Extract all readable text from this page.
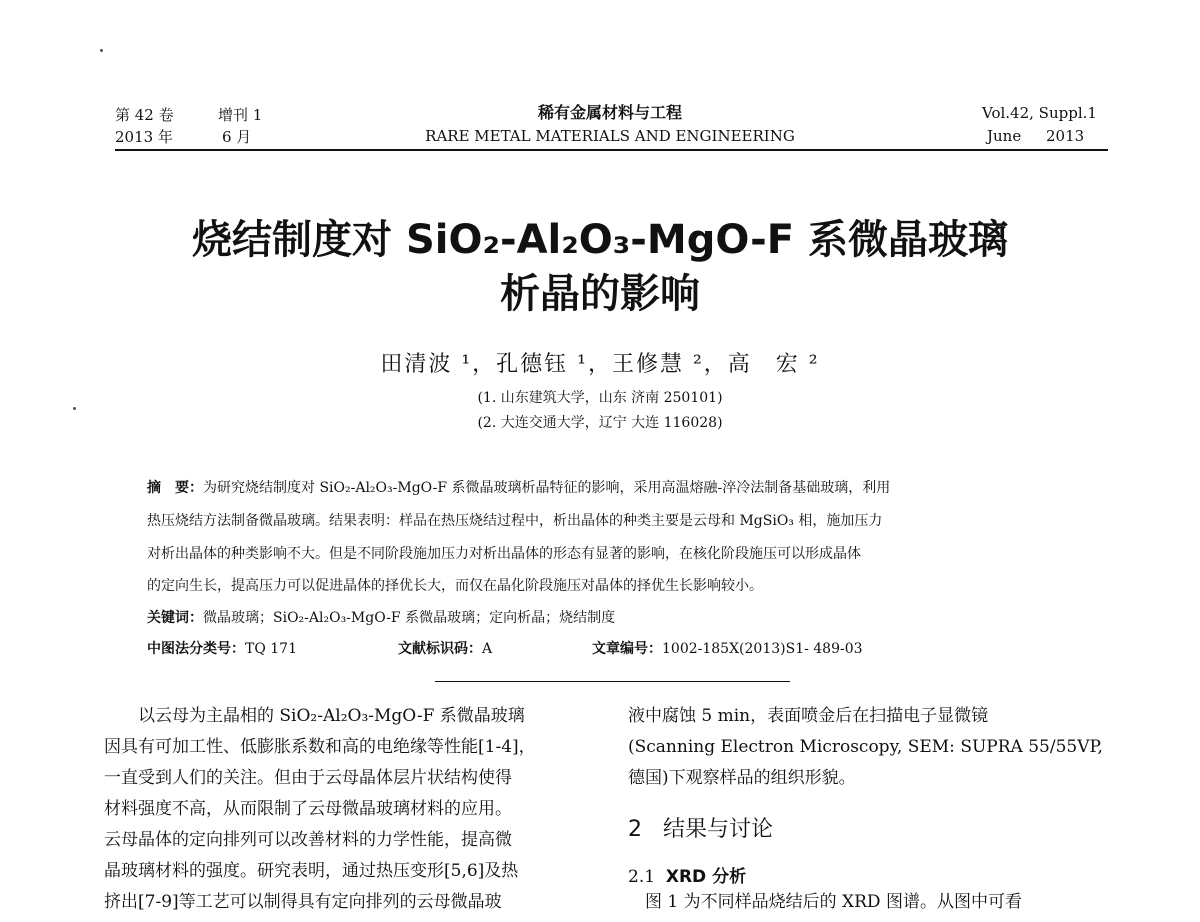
第 42 卷	增刊 1
2013 年	6 月
稀有金属材料与工程
RARE METAL MATERIALS AND ENGINEERING
Vol.42, Suppl.1
June 2013
烧结制度对 SiO₂-Al₂O₃-MgO-F 系微晶玻璃
析晶的影响
田清波 ¹，孔德钰 ¹，王修慧 ²，高　宏 ²
(1. 山东建筑大学，山东 济南 250101)
(2. 大连交通大学，辽宁 大连 116028)
摘　要：为研究烧结制度对 SiO₂-Al₂O₃-MgO-F 系微晶玻璃析晶特征的影响，采用高温熔融-淬冷法制备基础玻璃，利用
热压烧结方法制备微晶玻璃。结果表明：样品在热压烧结过程中，析出晶体的种类主要是云母和 MgSiO₃ 相，施加压力
对析出晶体的种类影响不大。但是不同阶段施加压力对析出晶体的形态有显著的影响，在核化阶段施压可以形成晶体
的定向生长，提高压力可以促进晶体的择优长大，而仅在晶化阶段施压对晶体的择优生长影响较小。
关键词：微晶玻璃；SiO₂-Al₂O₃-MgO-F 系微晶玻璃；定向析晶；烧结制度
中图法分类号：TQ 171	文献标识码：A	文章编号：1002-185X(2013)S1- 489-03
　　以云母为主晶相的 SiO₂-Al₂O₃-MgO-F 系微晶玻璃
因具有可加工性、低膨胀系数和高的电绝缘等性能[1-4]，
一直受到人们的关注。但由于云母晶体层片状结构使得
材料强度不高，从而限制了云母微晶玻璃材料的应用。
云母晶体的定向排列可以改善材料的力学性能，提高微
晶玻璃材料的强度。研究表明，通过热压变形[5,6]及热
挤出[7-9]等工艺可以制得具有定向排列的云母微晶玻
液中腐蚀 5 min，表面喷金后在扫描电子显微镜
(Scanning Electron Microscopy, SEM: SUPRA 55/55VP,
德国)下观察样品的组织形貌。
2 结果与讨论
2.1 XRD 分析
　图 1 为不同样品烧结后的 XRD 图谱。从图中可看
